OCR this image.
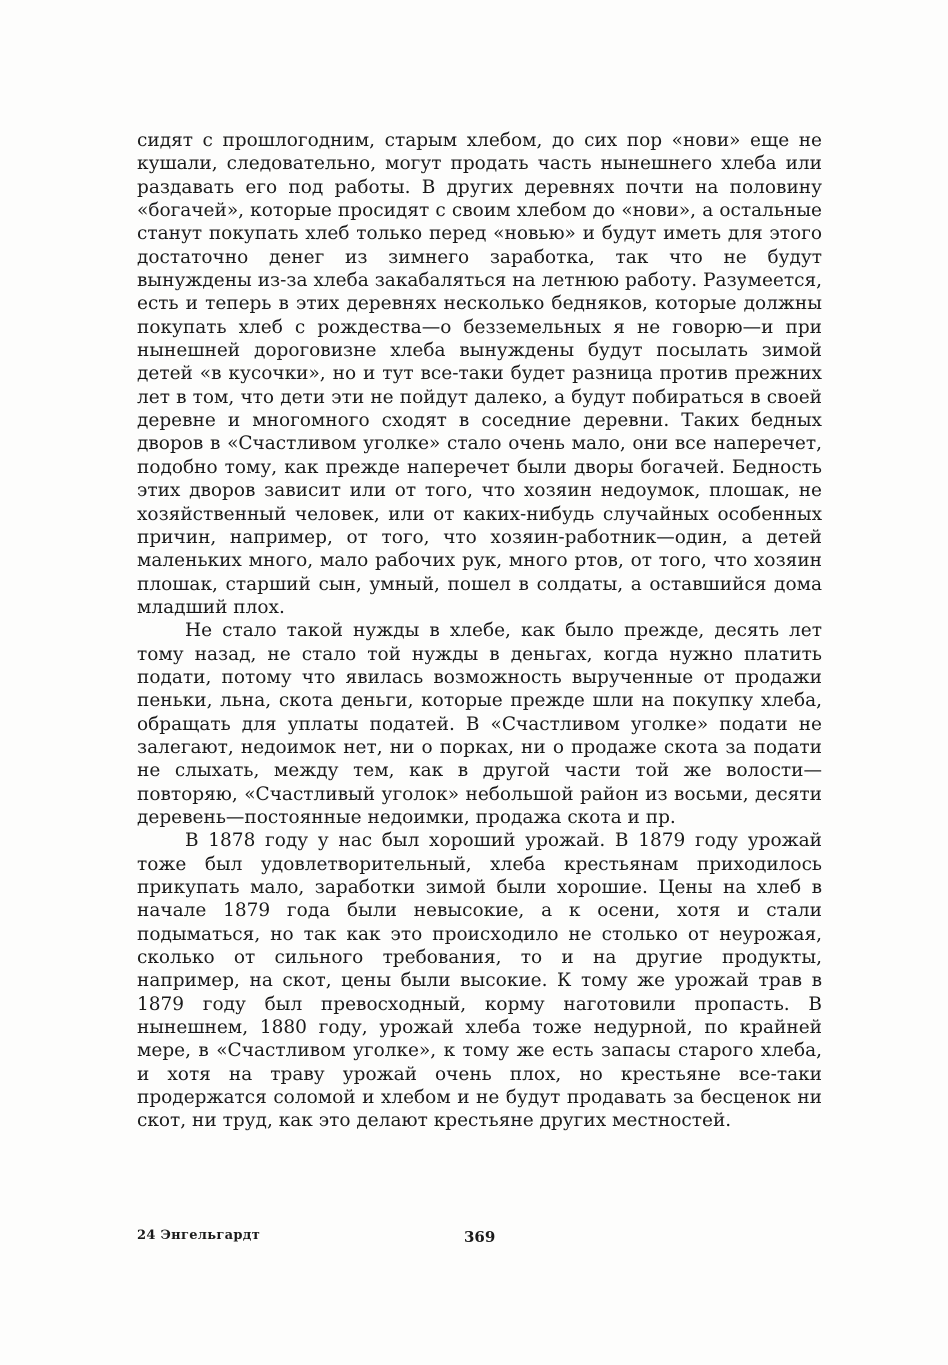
сидят с прошлогодним, старым хлебом, до сих пор «нови» еще не кушали, следовательно, могут продать часть нынешнего хлеба или раздавать его под работы. В других деревнях почти на половину «богачей», которые просидят с своим хлебом до «нови», а остальные станут покупать хлеб только перед «новью» и будут иметь для этого достаточно денег из зимнего заработка, так что не будут вынуждены из-за хлеба закабаляться на летнюю работу. Разумеется, есть и теперь в этих деревнях несколько бедняков, которые должны покупать хлеб с рождества—о безземельных я не говорю—и при нынешней дороговизне хлеба вынуждены будут посылать зимой детей «в кусочки», но и тут все-таки будет разница против прежних лет в том, что дети эти не пойдут далеко, а будут побираться в своей деревне и многомного сходят в соседние деревни. Таких бедных дворов в «Счастливом уголке» стало очень мало, они все наперечет, подобно тому, как прежде наперечет были дворы богачей. Бедность этих дворов зависит или от того, что хозяин недоумок, плошак, не хозяйственный человек, или от каких-нибудь случайных особенных причин, например, от того, что хозяин-работник—один, а детей маленьких много, мало рабочих рук, много ртов, от того, что хозяин плошак, старший сын, умный, пошел в солдаты, а оставшийся дома младший плох.

Не стало такой нужды в хлебе, как было прежде, десять лет тому назад, не стало той нужды в деньгах, когда нужно платить подати, потому что явилась возможность вырученные от продажи пеньки, льна, скота деньги, которые прежде шли на покупку хлеба, обращать для уплаты податей. В «Счастливом уголке» подати не залегают, недоимок нет, ни о порках, ни о продаже скота за подати не слыхать, между тем, как в другой части той же волости—повторяю, «Счастливый уголок» небольшой район из восьми, десяти деревень—постоянные недоимки, продажа скота и пр.

В 1878 году у нас был хороший урожай. В 1879 году урожай тоже был удовлетворительный, хлеба крестьянам приходилось прикупать мало, заработки зимой были хорошие. Цены на хлеб в начале 1879 года были невысокие, а к осени, хотя и стали подыматься, но так как это происходило не столько от неурожая, сколько от сильного требования, то и на другие продукты, например, на скот, цены были высокие. К тому же урожай трав в 1879 году был превосходный, корму наготовили пропасть. В нынешнем, 1880 году, урожай хлеба тоже недурной, по крайней мере, в «Счастливом уголке», к тому же есть запасы старого хлеба, и хотя на траву урожай очень плох, но крестьяне все-таки продержатся соломой и хлебом и не будут продавать за бесценок ни скот, ни труд, как это делают крестьяне других местностей.

24 Энгельгардт	369
